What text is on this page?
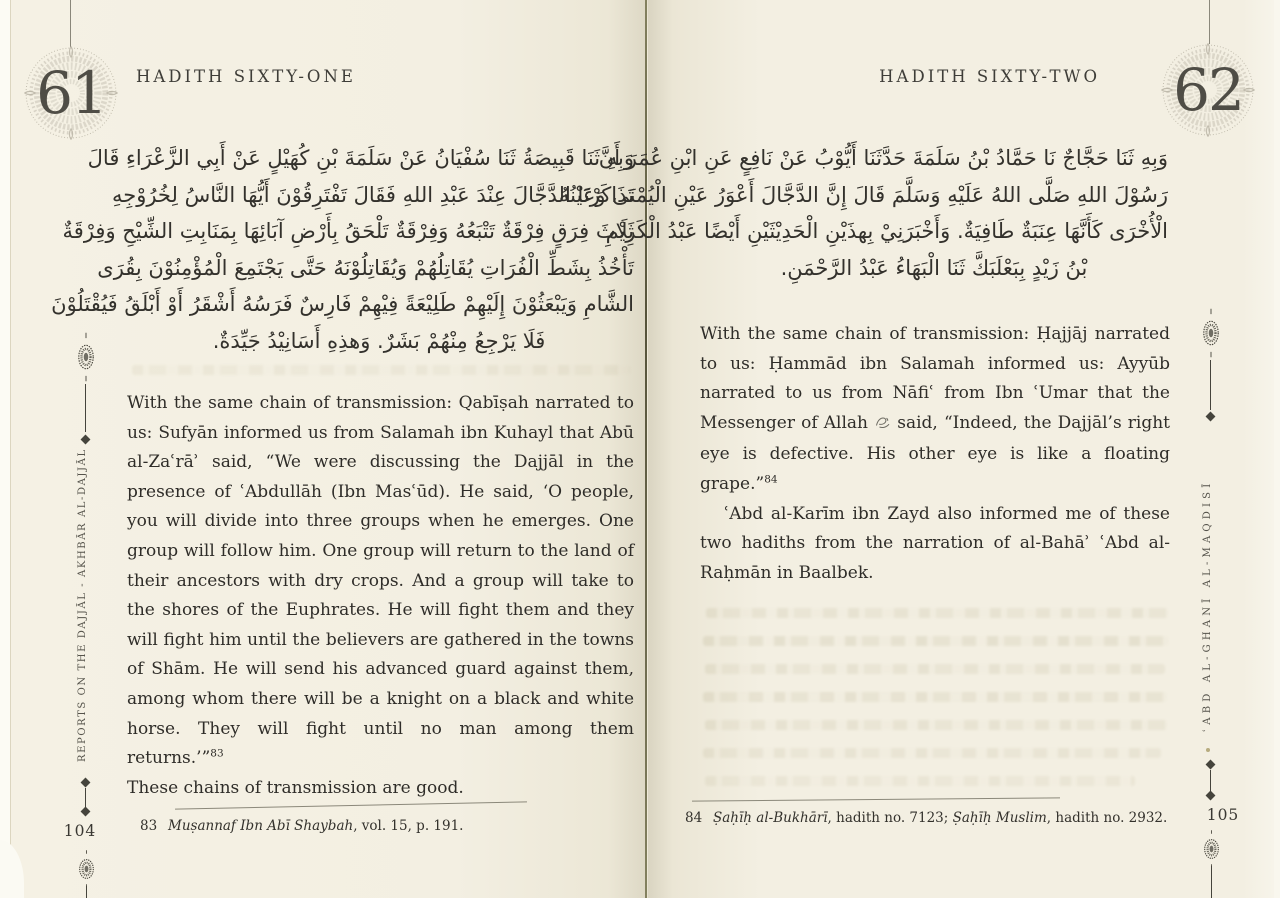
61	HADITH SIXTY-ONE
وَبِهِ ثَنَا قَبِيصَةُ ثَنَا سُفْيَانُ عَنْ سَلَمَةَ بْنِ كُهَيْلٍ عَنْ أَبِي الزَّعْرَاءِ قَالَ
تَذَاكَرْنَا الدَّجَّالَ عِنْدَ عَبْدِ اللهِ فَقَالَ تَفْتَرِقُوْنَ أَيُّهَا النَّاسُ لِخُرُوْجِهِ
ثَلَاثَ فِرَقٍ فِرْقَةٌ تَتْبَعُهُ وَفِرْقَةٌ تَلْحَقُ بِأَرْضِ آبَائِهَا بِمَنَابِتِ الشِّيْحِ وَفِرْقَةٌ
تَأْخُذُ بِشَطِّ الْفُرَاتِ يُقَاتِلُهُمْ وَيُقَاتِلُوْنَهُ حَتَّى يَجْتَمِعَ الْمُؤْمِنُوْنَ بِقُرَى
الشَّامِ وَيَبْعَثُوْنَ إِلَيْهِمْ طَلِيْعَةً فِيْهِمْ فَارِسٌ فَرَسُهُ أَشْقَرُ أَوْ أَبْلَقُ فَيُقْتَلُوْنَ
فَلَا يَرْجِعُ مِنْهُمْ بَشَرٌ. وَهذِهِ أَسَانِيْدُ جَيِّدَةٌ.

With the same chain of transmission: Qabīṣah narrated to us: Sufyān informed us from Salamah ibn Kuhayl that Abū al-Zaʿrāʾ said, “We were discussing the Dajjāl in the presence of ʿAbdullāh (Ibn Masʿūd). He said, ‘O people, you will divide into three groups when he emerges. One group will follow him. One group will return to the land of their ancestors with dry crops. And a group will take to the shores of the Euphrates. He will fight them and they will fight him until the believers are gathered in the towns of Shām. He will send his advanced guard against them, among whom there will be a knight on a black and white horse. They will fight until no man among them returns.’”$^{83}$

These chains of transmission are good.

83 Muṣannaf Ibn Abī Shaybah, vol. 15, p. 191.
104
REPORTS ON THE DAJJĀL - AKHBĀR AL-DAJJĀL
62
HADITH SIXTY-TWO
وَبِهِ ثَنَا حَجَّاجٌ نَا حَمَّادُ بْنُ سَلَمَةَ حَدَّثَنَا أَيُّوْبُ عَنْ نَافِعٍ عَنِ ابْنِ عُمَرَ أَنَّ
رَسُوْلَ اللهِ صَلَّى اللهُ عَلَيْهِ وَسَلَّمَ قَالَ إِنَّ الدَّجَّالَ أَعْوَرُ عَيْنِ الْيُمْنَى وَعَيْنُهُ
الْأُخْرَى كَأَنَّهَا عِنَبَةٌ طَافِيَةٌ. وَأَخْبَرَنِيْ بِهذَيْنِ الْحَدِيْثَيْنِ أَيْضًا عَبْدُ الْكَرِيْمِ
بْنُ زَيْدٍ بِبَعْلَبَكَّ ثَنَا الْبَهَاءُ عَبْدُ الرَّحْمَنِ.

With the same chain of transmission: Ḥajjāj narrated to us: Ḥammād ibn Salamah informed us: Ayyūb narrated to us from Nāfiʿ from Ibn ʿUmar that the Messenger of Allah said, “Indeed, the Dajjāl’s right eye is defective. His other eye is like a floating grape.”$^{84}$

ʿAbd al-Karīm ibn Zayd also informed me of these two hadiths from the narration of al-Bahāʾ ʿAbd al-Raḥmān in Baalbek.

84 Ṣaḥīḥ al-Bukhārī, hadith no. 7123; Ṣaḥīḥ Muslim, hadith no. 2932.	105
ʿABD AL-GHANĪ AL-MAQDISĪ
